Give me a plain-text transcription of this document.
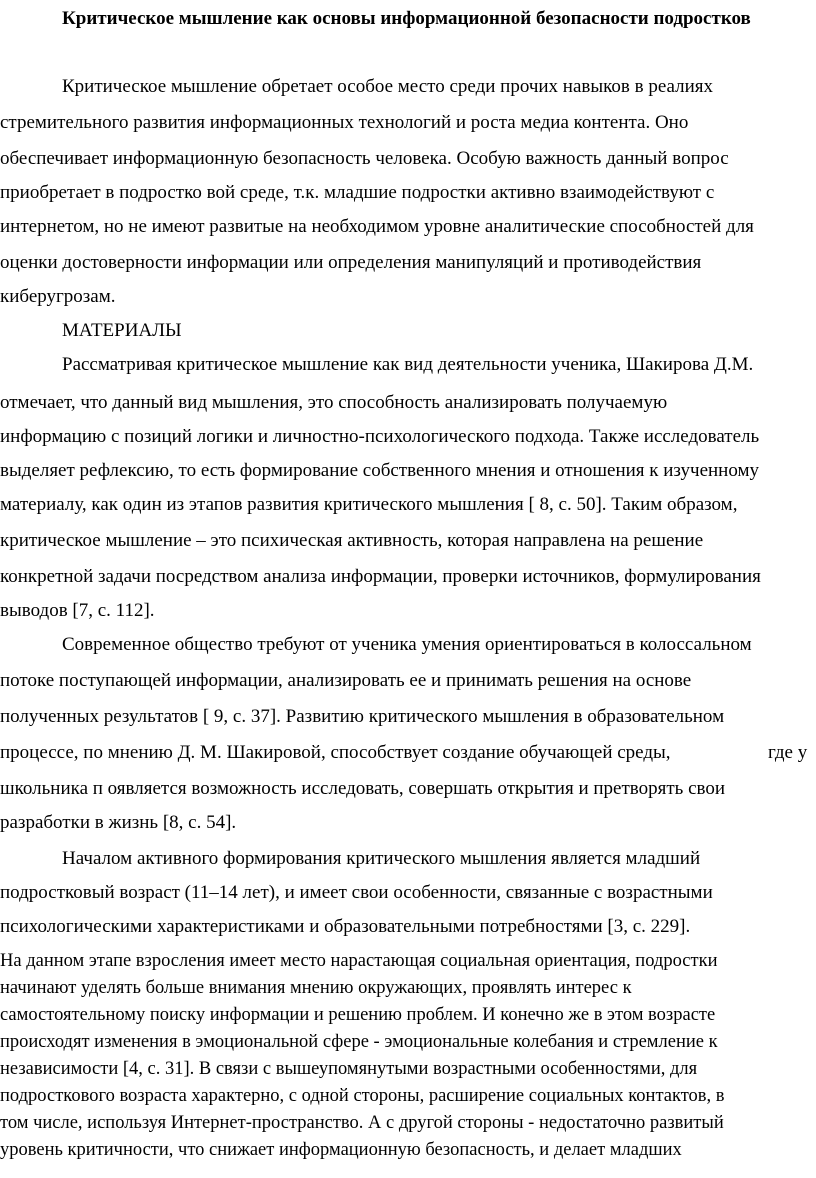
Критическое мышление как основы информационной безопасности подростков
Критическое мышление обретает особое место среди прочих навыков в реалиях
стремительного развития информационных технологий и роста медиа контента. Оно
обеспечивает информационную безопасность человека. Особую важность данный вопрос
приобретает в подростко вой среде, т.к. младшие подростки активно взаимодействуют с
интернетом, но не имеют развитые на необходимом уровне аналитические способностей для
оценки достоверности информации или определения манипуляций и противодействия
киберугрозам.
МАТЕРИАЛЫ
Рассматривая критическое мышление как вид деятельности ученика, Шакирова Д.М.
отмечает, что данный вид мышления, это способность анализировать получаемую
информацию с позиций логики и личностно-психологического подхода. Также исследователь
выделяет рефлексию, то есть формирование собственного мнения и отношения к изученному
материалу, как один из этапов развития критического мышления [ 8, с. 50]. Таким образом,
критическое мышление – это психическая активность, которая направлена на решение
конкретной задачи посредством анализа информации, проверки источников, формулирования
выводов [7, с. 112].
Современное общество требуют от ученика умения ориентироваться в колоссальном
потоке поступающей информации, анализировать ее и принимать решения на основе
полученных результатов [ 9, с. 37]. Развитию критического мышления в образовательном
процессе, по мнению Д. М. Шакировой, способствует создание обучающей среды,	где у
школьника п оявляется возможность исследовать, совершать открытия и претворять свои
разработки в жизнь [8, с. 54].
Началом активного формирования критического мышления является младший
подростковый возраст (11–14 лет), и имеет свои особенности, связанные с возрастными
психологическими характеристиками и образовательными потребностями [3, с. 229].
На данном этапе взросления имеет место нарастающая социальная ориентация, подростки
начинают уделять больше внимания мнению окружающих, проявлять интерес к
самостоятельному поиску информации и решению проблем. И конечно же в этом возрасте
происходят изменения в эмоциональной сфере - эмоциональные колебания и стремление к
независимости [4, с. 31]. В связи с вышеупомянутыми возрастными особенностями, для
подросткового возраста характерно, с одной стороны, расширение социальных контактов, в
том числе, используя Интернет-пространство. А с другой стороны - недостаточно развитый
уровень критичности, что снижает информационную безопасность, и делает младших
